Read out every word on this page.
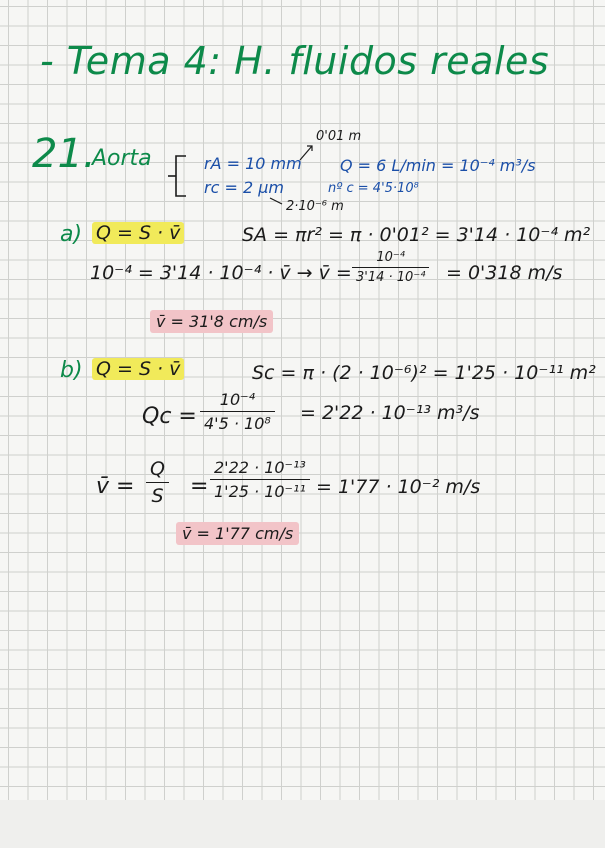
- Tema 4: H. fluidos reales
21.
Aorta	rA = 10 mm
rc = 2 μm
0'01 m
2·10⁻⁶ m
Q = 6 L/min = 10⁻⁴ m³/s
nº c = 4'5·10⁸
a) Q = S · v̄	SA = πr² = π · 0'01² = 3'14 · 10⁻⁴ m²
10⁻⁴ = 3'14 · 10⁻⁴ · v̄ → v̄ = $\frac{\text{10⁻⁴}}{\text{3'14 · 10⁻⁴}} = 0'318$ m/s
v̄ = 31'8 cm/s
b) Q = S · v̄	Sc = π · (2 · 10⁻⁶)² = 1'25 · 10⁻¹¹ m²
$Qc = \frac{\text{10⁻⁴}}{\text{4'5 · 10⁸}} = 2'22 \cdot 10^{-13}$ m³/s
v̄ = $\frac{Q}{S} = \frac{\text{2'22 · 10⁻¹³}}{\text{1'25 · 10⁻¹¹}} = 1'77 \cdot 10^{-2}$ m/s
v̄ = 1'77 cm/s
